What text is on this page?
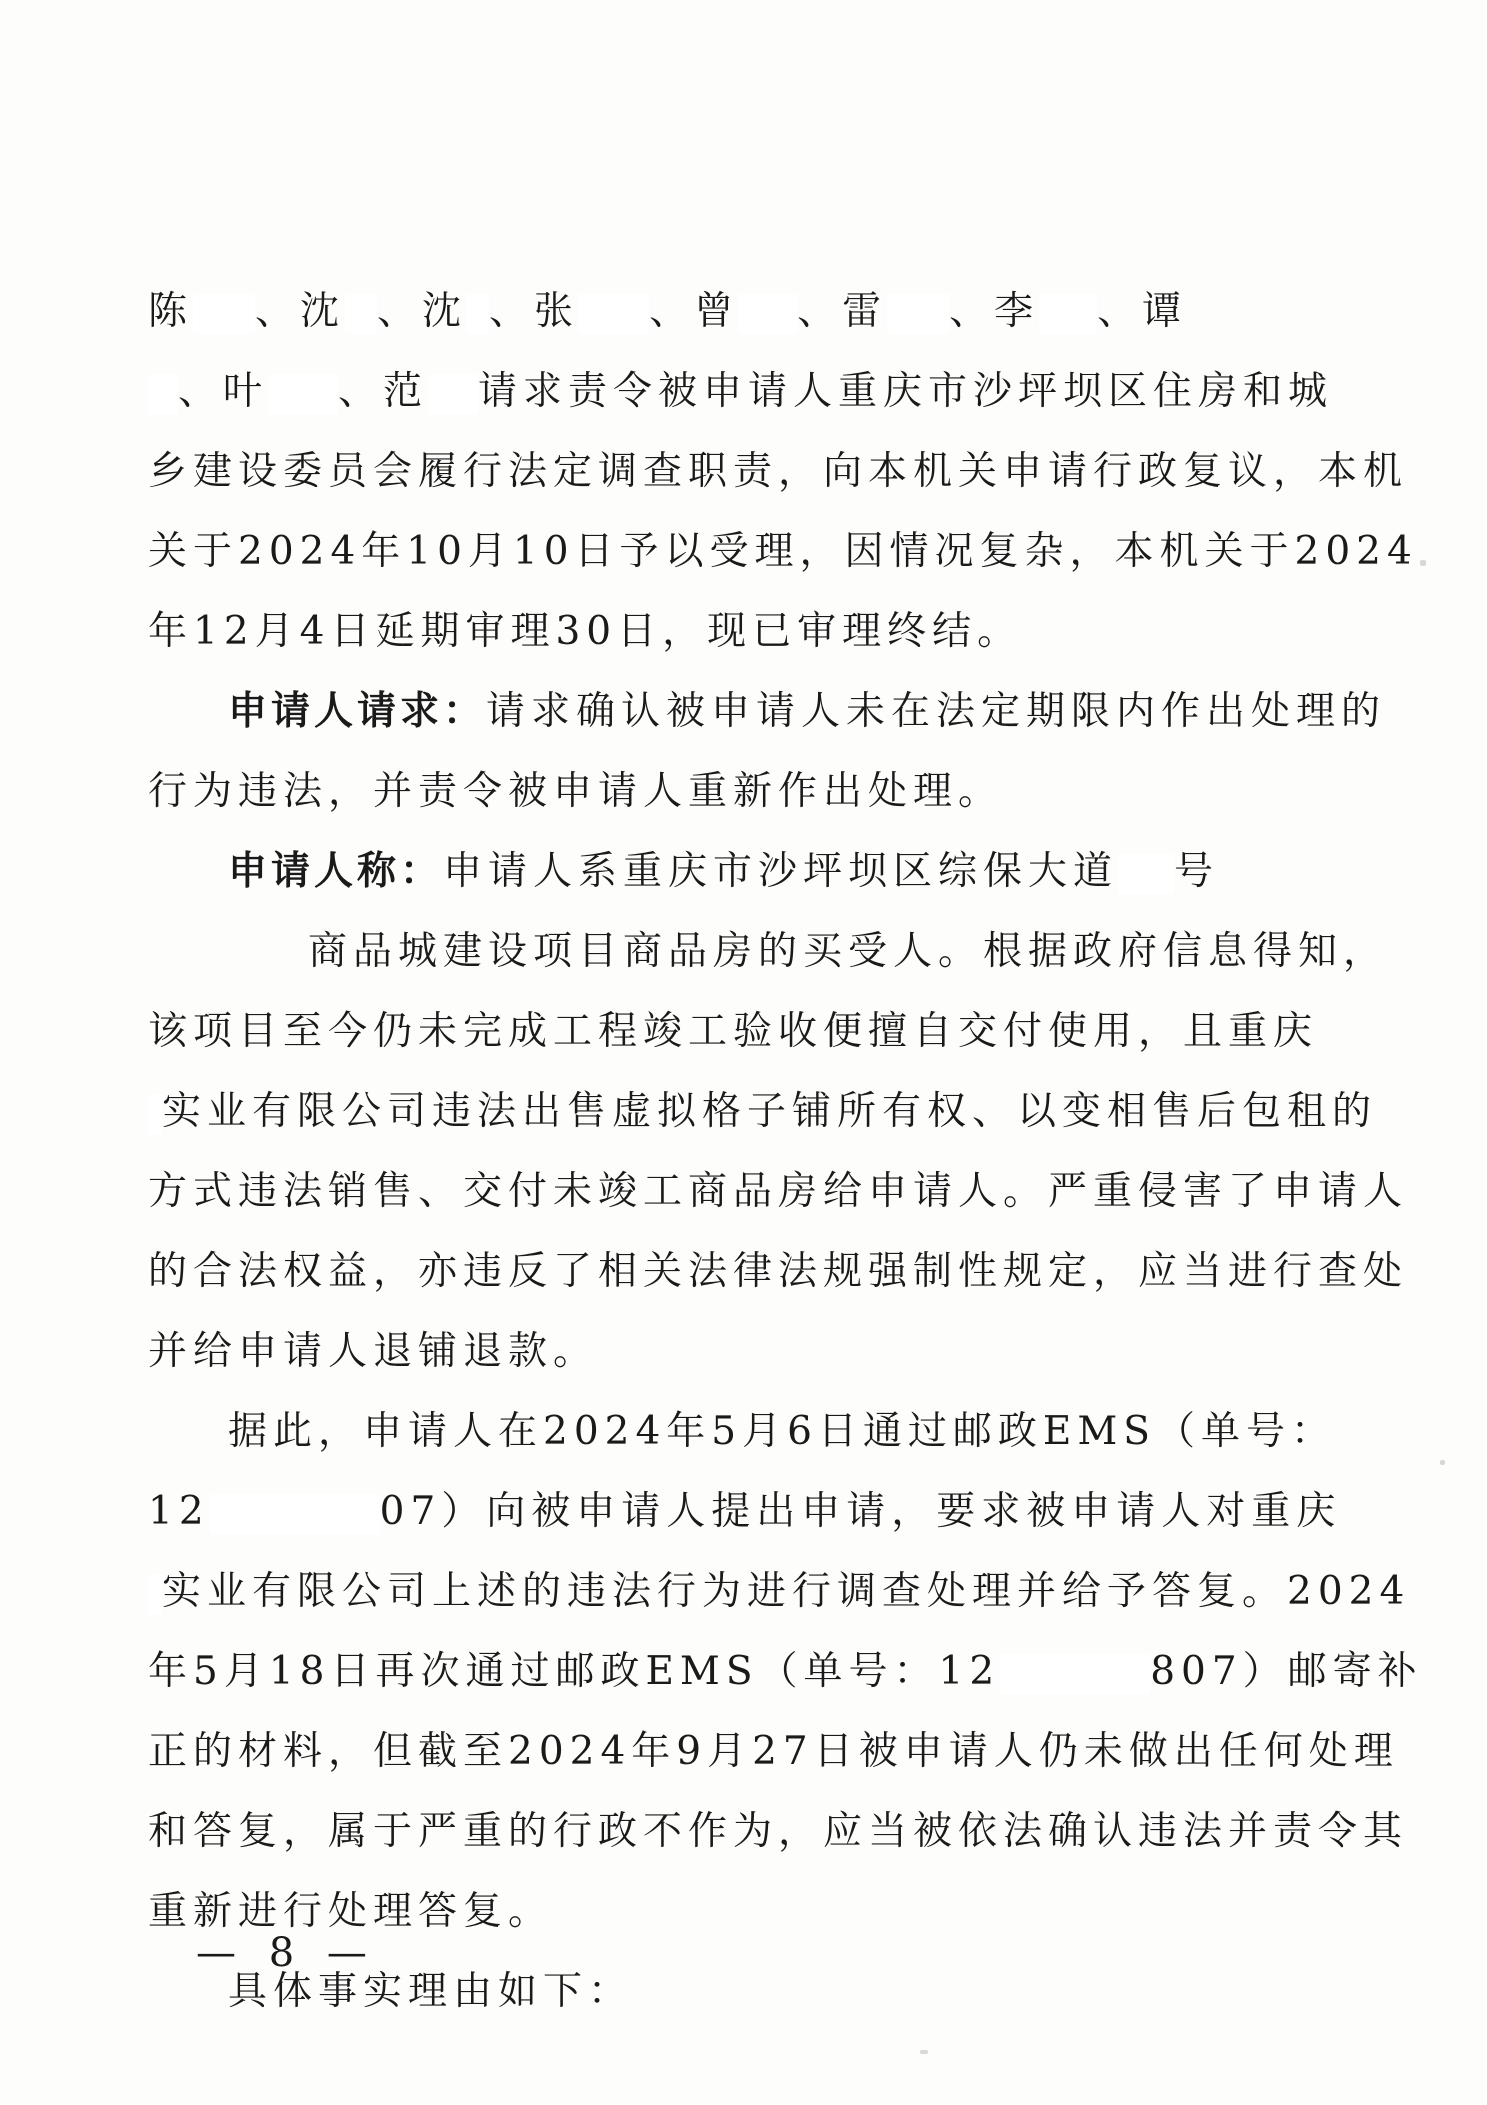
陈 、沈 、沈 、张 、曾 、雷 、李 、谭
、叶 、范 请求责令被申请人重庆市沙坪坝区住房和城
乡建设委员会履行法定调查职责，向本机关申请行政复议，本机
关于2024年10月10日予以受理，因情况复杂，本机关于2024
年12月4日延期审理30日，现已审理终结。
申请人请求：请求确认被申请人未在法定期限内作出处理的
行为违法，并责令被申请人重新作出处理。
申请人称：申请人系重庆市沙坪坝区综保大道 号
商品城建设项目商品房的买受人。根据政府信息得知，
该项目至今仍未完成工程竣工验收便擅自交付使用，且重庆
实业有限公司违法出售虚拟格子铺所有权、以变相售后包租的
方式违法销售、交付未竣工商品房给申请人。严重侵害了申请人
的合法权益，亦违反了相关法律法规强制性规定，应当进行查处
并给申请人退铺退款。
据此，申请人在2024年5月6日通过邮政EMS（单号：
12	07）向被申请人提出申请，要求被申请人对重庆
实业有限公司上述的违法行为进行调查处理并给予答复。2024
年5月18日再次通过邮政EMS（单号：12	807）邮寄补
正的材料，但截至2024年9月27日被申请人仍未做出任何处理
和答复，属于严重的行政不作为，应当被依法确认违法并责令其
重新进行处理答复。
具体事实理由如下：
— 8 —
